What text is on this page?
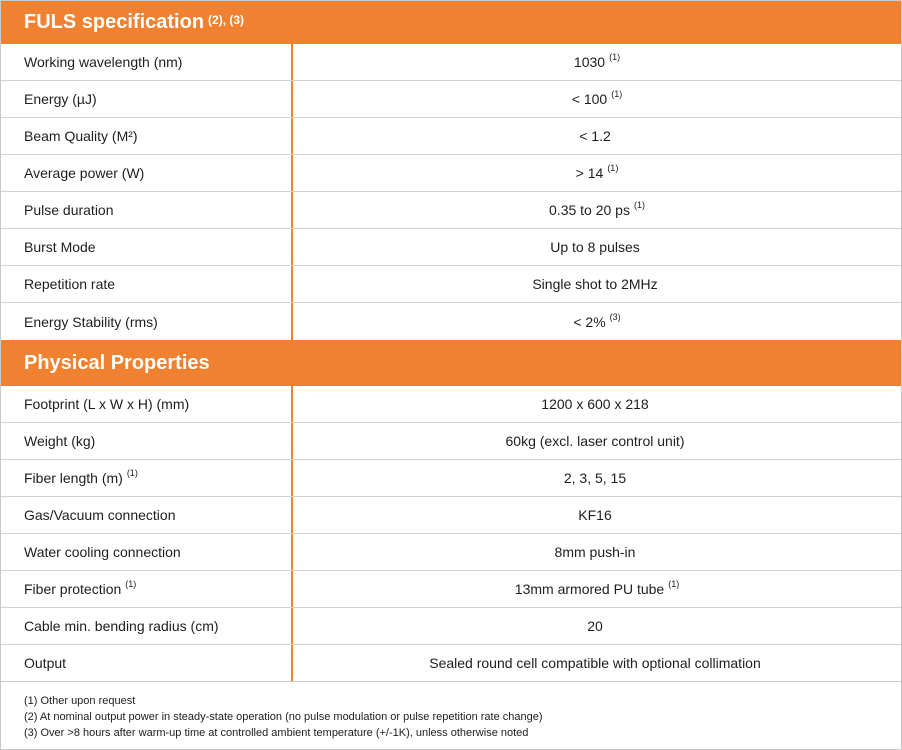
FULS specification $^{(2), (3)}$
Working wavelength (nm)	1030 (1)
Energy (µJ)	< 100 (1)
Beam Quality (M²)	< 1.2
Average power (W)	> 14 (1)
Pulse duration	0.35 to 20 ps (1)
Burst Mode	Up to 8 pulses
Repetition rate	Single shot to 2MHz
Energy Stability (rms)	< 2% (3)
Physical Properties
Footprint (L x W x H) (mm)	1200 x 600 x 218
Weight (kg)	60kg (excl. laser control unit)
Fiber length (m) (1)	2, 3, 5, 15
Gas/Vacuum connection	KF16
Water cooling connection	8mm push-in
Fiber protection (1)	13mm armored PU tube (1)
Cable min. bending radius (cm)	20
Output	Sealed round cell compatible with optional collimation
(1) Other upon request
(2) At nominal output power in steady-state operation (no pulse modulation or pulse repetition rate change)
(3) Over >8 hours after warm-up time at controlled ambient temperature (+/-1K), unless otherwise noted
